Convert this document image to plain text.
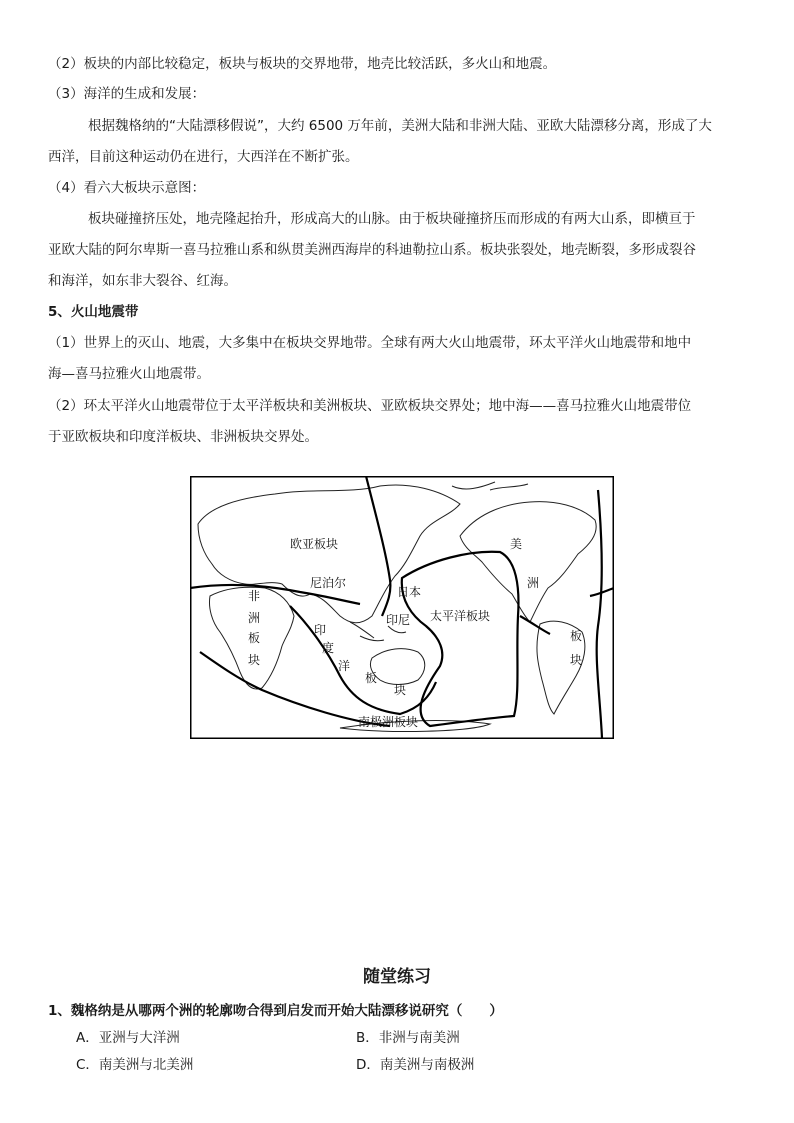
（2）板块的内部比较稳定，板块与板块的交界地带，地壳比较活跃，多火山和地震。
（3）海洋的生成和发展：
根据魏格纳的“大陆漂移假说”，大约 6500 万年前，美洲大陆和非洲大陆、亚欧大陆漂移分离，形成了大
西洋，目前这种运动仍在进行，大西洋在不断扩张。
（4）看六大板块示意图：
板块碰撞挤压处，地壳隆起抬升，形成高大的山脉。由于板块碰撞挤压而形成的有两大山系，即横亘于
亚欧大陆的阿尔卑斯一喜马拉雅山系和纵贯美洲西海岸的科迪勒拉山系。板块张裂处，地壳断裂，多形成裂谷
和海洋，如东非大裂谷、红海。
5、火山地震带
（1）世界上的灭山、地震，大多集中在板块交界地带。全球有两大火山地震带，环太平洋火山地震带和地中
海—喜马拉雅火山地震带。
（2）环太平洋火山地震带位于太平洋板块和美洲板块、亚欧板块交界处；地中海——喜马拉雅火山地震带位
于亚欧板块和印度洋板块、非洲板块交界处。
欧亚板块
尼泊尔
日本
印尼 太平洋板块
南极洲板块
非
洲
板
块
印
度
洋
板
块
美
洲
板
块
随堂练习
1、魏格纳是从哪两个洲的轮廓吻合得到启发而开始大陆漂移说研究（　　）
A．亚洲与大洋洲	B．非洲与南美洲
C．南美洲与北美洲	D．南美洲与南极洲
